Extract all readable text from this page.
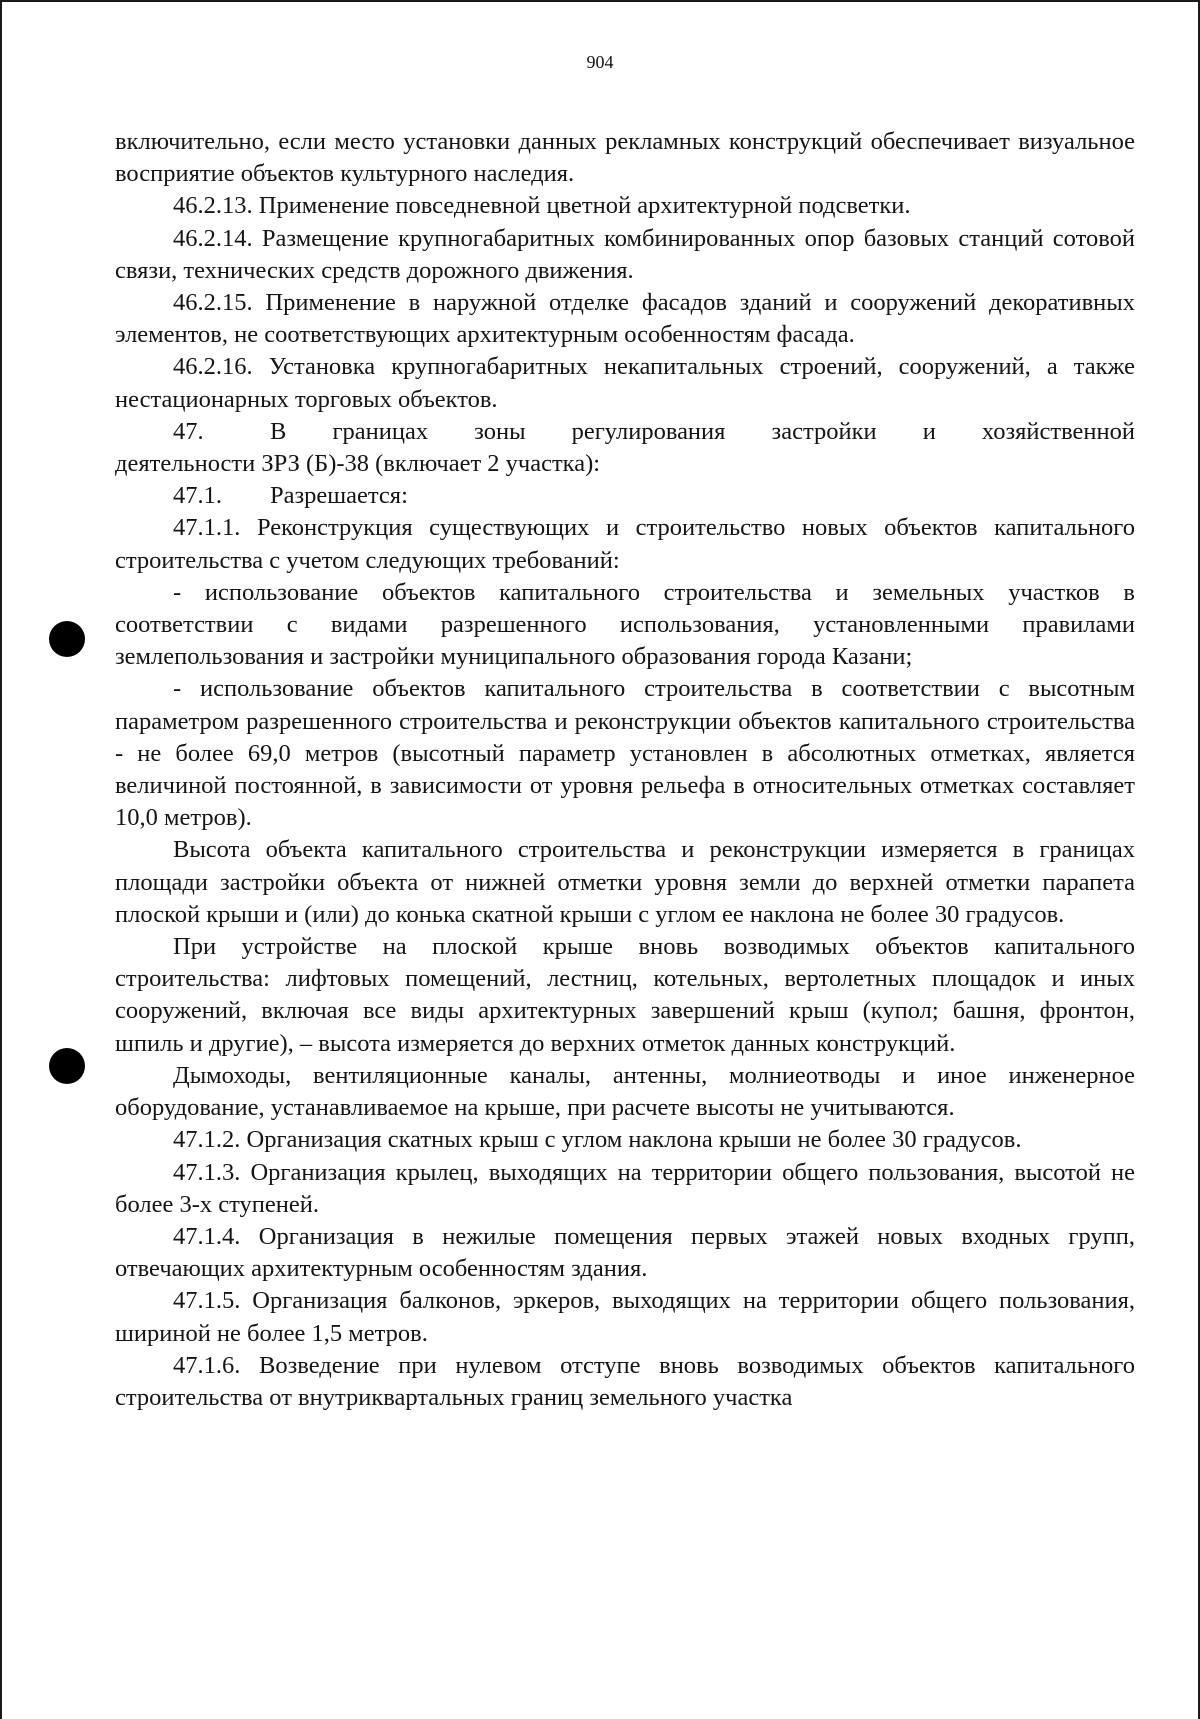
904

включительно, если место установки данных рекламных конструкций обеспечивает визуальное восприятие объектов культурного наследия.

46.2.13. Применение повседневной цветной архитектурной подсветки.

46.2.14. Размещение крупногабаритных комбинированных опор базовых станций сотовой связи, технических средств дорожного движения.

46.2.15. Применение в наружной отделке фасадов зданий и сооружений декоративных элементов, не соответствующих архитектурным особенностям фасада.

46.2.16. Установка крупногабаритных некапитальных строений, сооружений, а также нестационарных торговых объектов.

47.	В границах зоны регулирования застройки и хозяйственной

деятельности ЗРЗ (Б)-38 (включает 2 участка):

47.1.	Разрешается:

47.1.1. Реконструкция существующих и строительство новых объектов капитального строительства с учетом следующих требований:

- использование объектов капитального строительства и земельных участков в соответствии с видами разрешенного использования, установленными правилами землепользования и застройки муниципального образования города Казани;

- использование объектов капитального строительства в соответствии с высотным параметром разрешенного строительства и реконструкции объектов капитального строительства - не более 69,0 метров (высотный параметр установлен в абсолютных отметках, является величиной постоянной, в зависимости от уровня рельефа в относительных отметках составляет 10,0 метров).

Высота объекта капитального строительства и реконструкции измеряется в границах площади застройки объекта от нижней отметки уровня земли до верхней отметки парапета плоской крыши и (или) до конька скатной крыши с углом ее наклона не более 30 градусов.

При устройстве на плоской крыше вновь возводимых объектов капитального строительства: лифтовых помещений, лестниц, котельных, вертолетных площадок и иных сооружений, включая все виды архитектурных завершений крыш (купол; башня, фронтон, шпиль и другие), – высота измеряется до верхних отметок данных конструкций.

Дымоходы, вентиляционные каналы, антенны, молниеотводы и иное инженерное оборудование, устанавливаемое на крыше, при расчете высоты не учитываются.

47.1.2. Организация скатных крыш с углом наклона крыши не более 30 градусов.

47.1.3. Организация крылец, выходящих на территории общего пользования, высотой не более 3-х ступеней.

47.1.4. Организация в нежилые помещения первых этажей новых входных групп, отвечающих архитектурным особенностям здания.

47.1.5. Организация балконов, эркеров, выходящих на территории общего пользования, шириной не более 1,5 метров.

47.1.6. Возведение при нулевом отступе вновь возводимых объектов капитального строительства от внутриквартальных границ земельного участка
